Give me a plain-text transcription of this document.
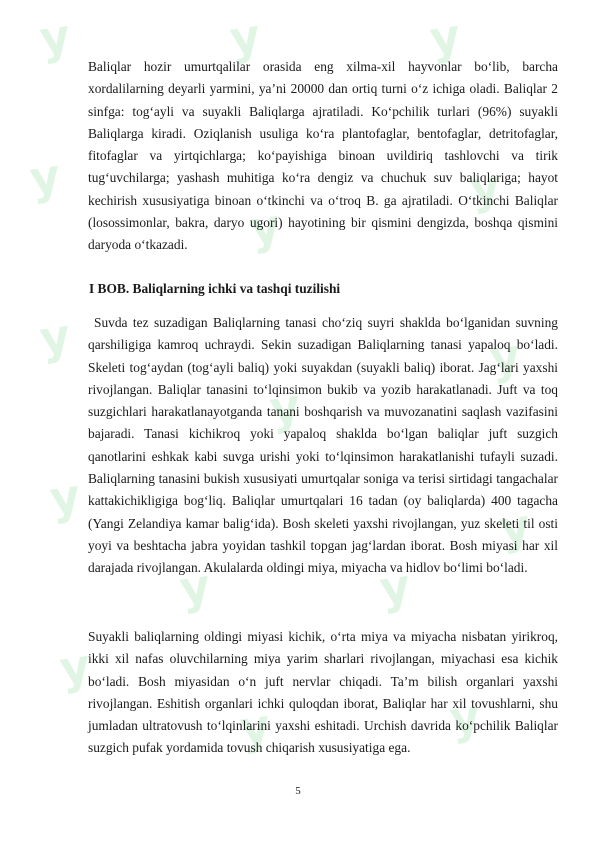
y	y	y
y
y
y
y
y
y
y
y	y
y
y
y	y

Baliqlar hozir umurtqalilar orasida eng xilma-xil hayvonlar bo‘lib, barcha xordalilarning deyarli yarmini, ya’ni 20000 dan ortiq turni o‘z ichiga oladi. Baliqlar 2 sinfga: tog‘ayli va suyakli Baliqlarga ajratiladi. Ko‘pchilik turlari (96%) suyakli Baliqlarga kiradi. Oziqlanish usuliga ko‘ra plantofaglar, bentofaglar, detritofaglar, fitofaglar va yirtqichlarga; ko‘payishiga binoan uvildiriq tashlovchi va tirik tug‘uvchilarga; yashash muhitiga ko‘ra dengiz va chuchuk suv baliqlariga; hayot kechirish xususiyatiga binoan o‘tkinchi va o‘troq B. ga ajratiladi. O‘tkinchi Baliqlar (losossimonlar, bakra, daryo ugori) hayotining bir qismini dengizda, boshqa qismini daryoda o‘tkazadi.

I BOB. Baliqlarning ichki va tashqi tuzilishi

Suvda tez suzadigan Baliqlarning tanasi cho‘ziq suyri shaklda bo‘lganidan suvning qarshiligiga kamroq uchraydi. Sekin suzadigan Baliqlarning tanasi yapaloq bo‘ladi. Skeleti tog‘aydan (tog‘ayli baliq) yoki suyakdan (suyakli baliq) iborat. Jag‘lari yaxshi rivojlangan. Baliqlar tanasini to‘lqinsimon bukib va yozib harakatlanadi. Juft va toq suzgichlari harakatlanayotganda tanani boshqarish va muvozanatini saqlash vazifasini bajaradi. Tanasi kichikroq yoki yapaloq shaklda bo‘lgan baliqlar juft suzgich qanotlarini eshkak kabi suvga urishi yoki to‘lqinsimon harakatlanishi tufayli suzadi. Baliqlarning tanasini bukish xususiyati umurtqalar soniga va terisi sirtidagi tangachalar kattakichikligiga bog‘liq. Baliqlar umurtqalari 16 tadan (oy baliqlarda) 400 tagacha (Yangi Zelandiya kamar balig‘ida). Bosh skeleti yaxshi rivojlangan, yuz skeleti til osti yoyi va beshtacha jabra yoyidan tashkil topgan jag‘lardan iborat. Bosh miyasi har xil darajada rivojlangan. Akulalarda oldingi miya, miyacha va hidlov bo‘limi bo‘ladi.

Suyakli baliqlarning oldingi miyasi kichik, o‘rta miya va miyacha nisbatan yirikroq, ikki xil nafas oluvchilarning miya yarim sharlari rivojlangan, miyachasi esa kichik bo‘ladi. Bosh miyasidan o‘n juft nervlar chiqadi. Ta’m bilish organlari yaxshi rivojlangan. Eshitish organlari ichki quloqdan iborat, Baliqlar har xil tovushlarni, shu jumladan ultratovush to‘lqinlarini yaxshi eshitadi. Urchish davrida ko‘pchilik Baliqlar suzgich pufak yordamida tovush chiqarish xususiyatiga ega.

5
